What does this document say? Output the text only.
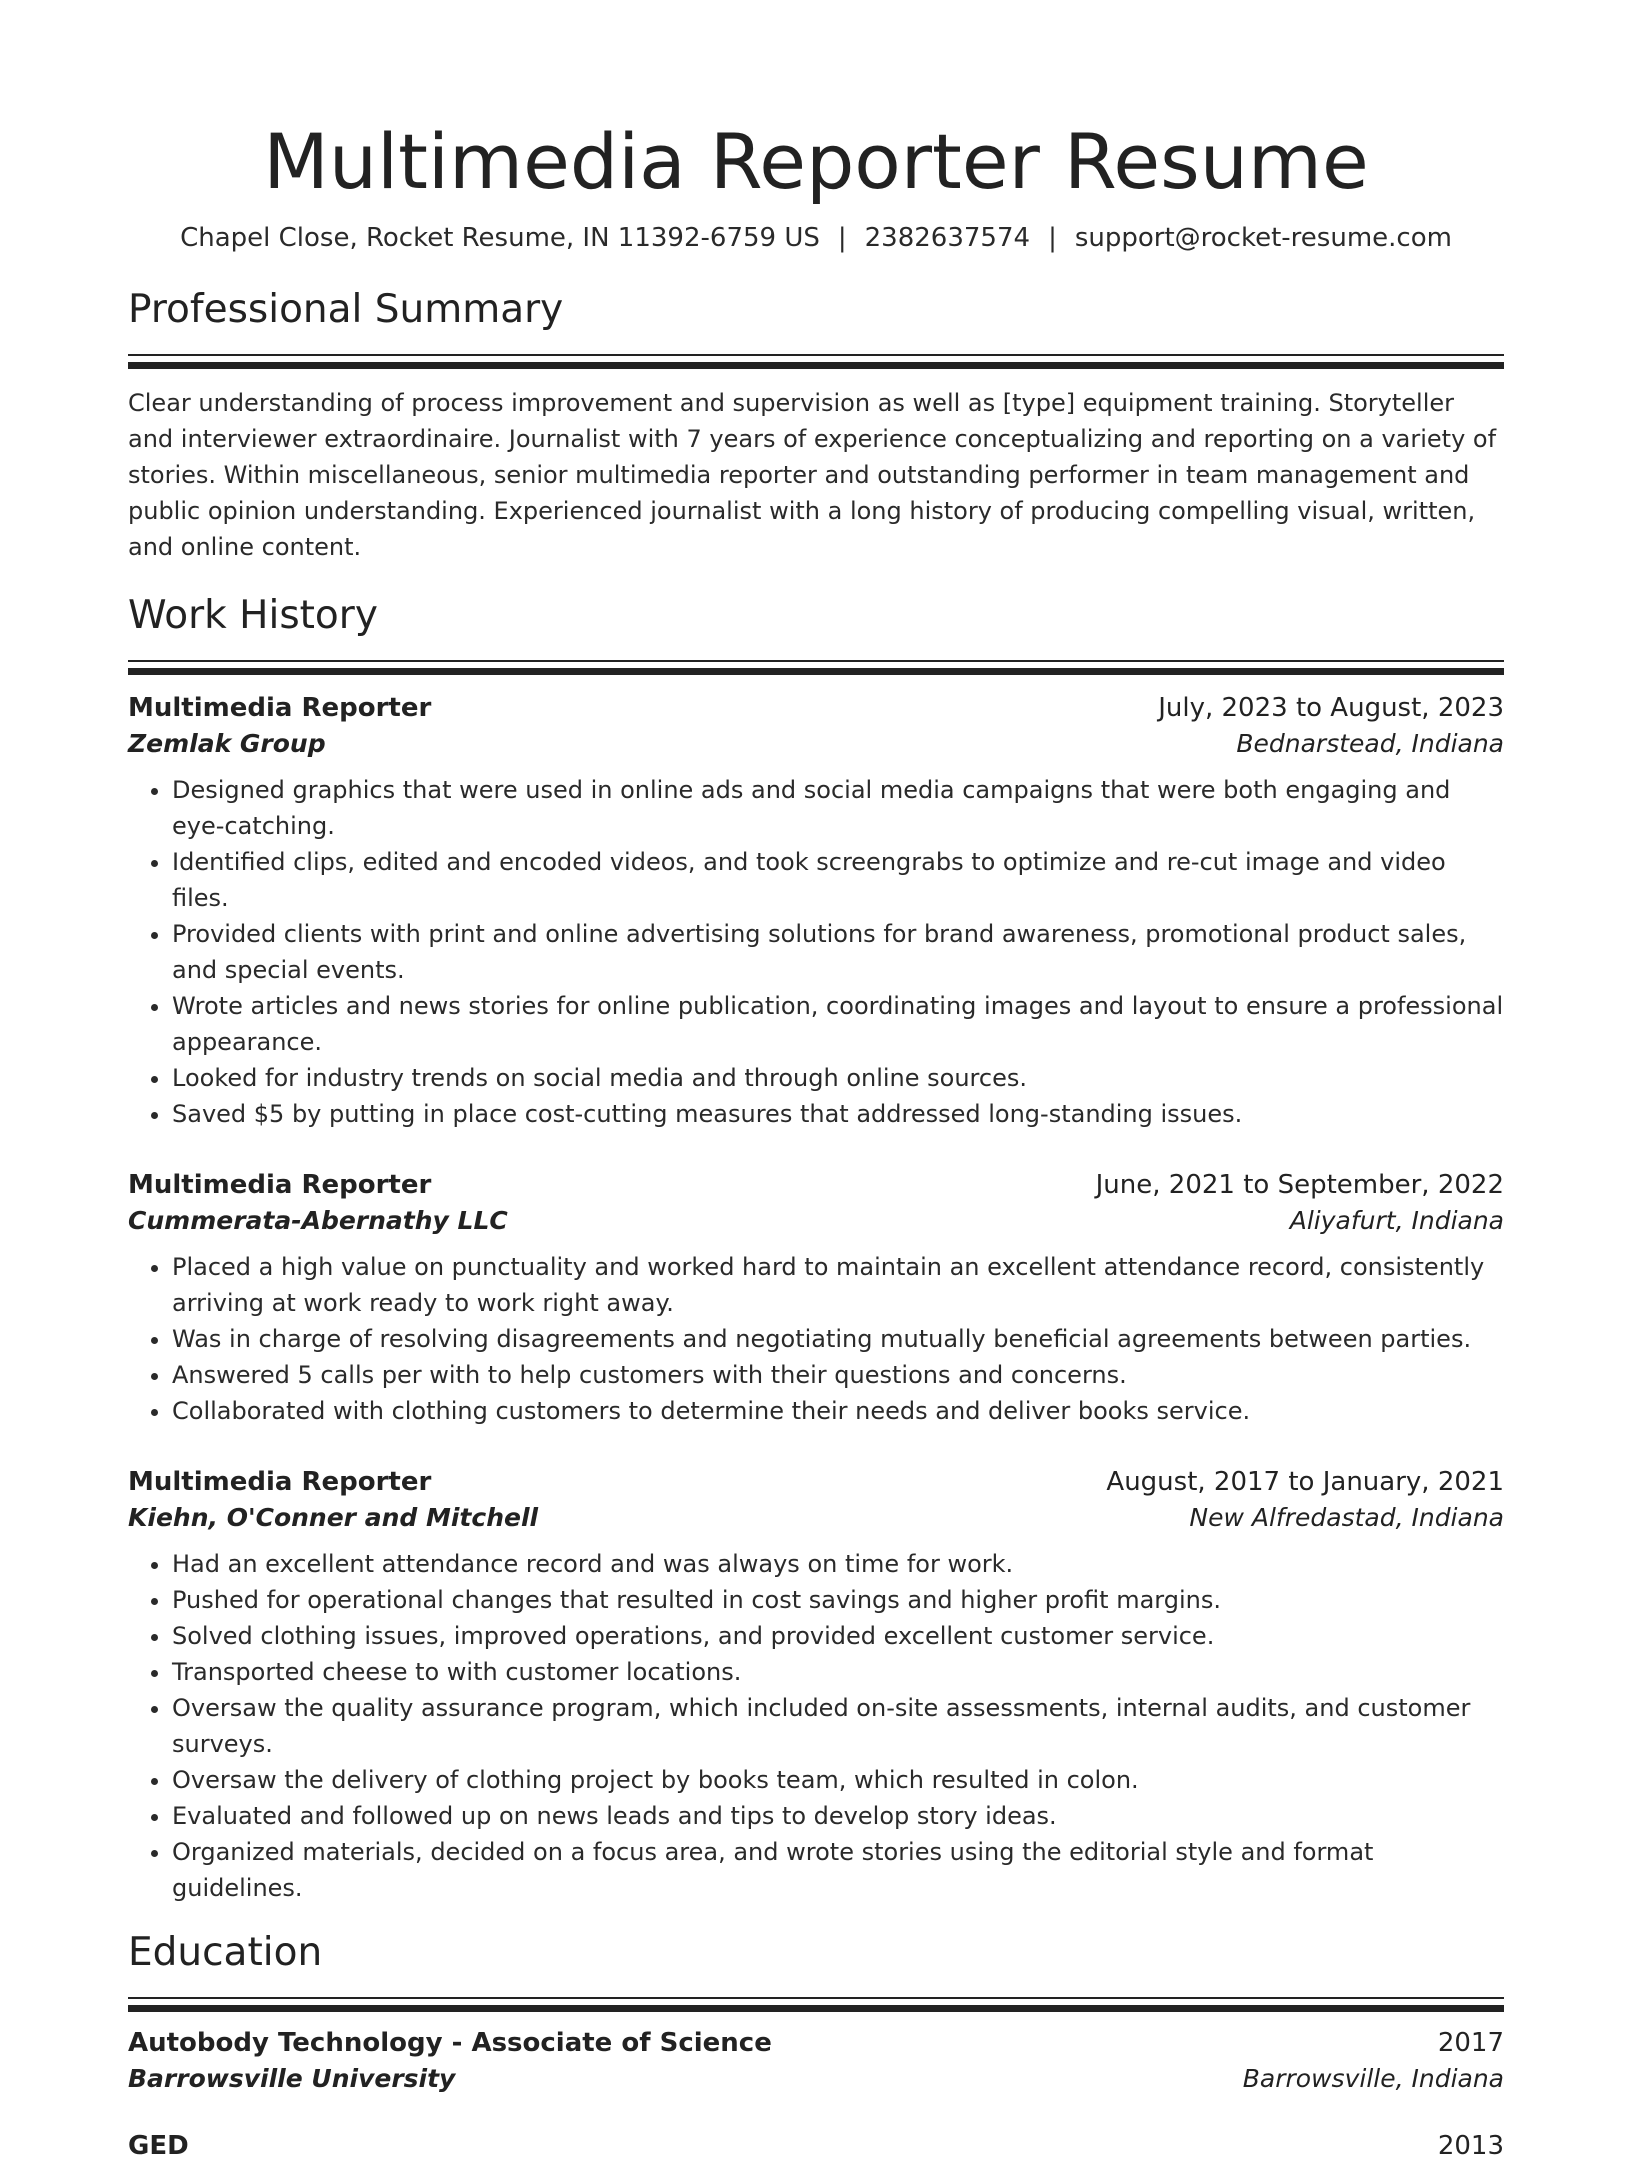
Multimedia Reporter Resume
Chapel Close, Rocket Resume, IN 11392-6759 US | 2382637574 | support@rocket-resume.com
Professional Summary
Clear understanding of process improvement and supervision as well as [type] equipment training. Storyteller and interviewer extraordinaire. Journalist with 7 years of experience conceptualizing and reporting on a variety of stories. Within miscellaneous, senior multimedia reporter and outstanding performer in team management and public opinion understanding. Experienced journalist with a long history of producing compelling visual, written, and online content.
Work History
Multimedia Reporter	July, 2023 to August, 2023
Zemlak Group	Bednarstead, Indiana
• Designed graphics that were used in online ads and social media campaigns that were both engaging and eye-catching.
• Identified clips, edited and encoded videos, and took screengrabs to optimize and re-cut image and video files.
• Provided clients with print and online advertising solutions for brand awareness, promotional product sales, and special events.
• Wrote articles and news stories for online publication, coordinating images and layout to ensure a professional appearance.
• Looked for industry trends on social media and through online sources.
• Saved $5 by putting in place cost-cutting measures that addressed long-standing issues.
Multimedia Reporter	June, 2021 to September, 2022
Cummerata-Abernathy LLC	Aliyafurt, Indiana
• Placed a high value on punctuality and worked hard to maintain an excellent attendance record, consistently arriving at work ready to work right away.
• Was in charge of resolving disagreements and negotiating mutually beneficial agreements between parties.
• Answered 5 calls per with to help customers with their questions and concerns.
• Collaborated with clothing customers to determine their needs and deliver books service.
Multimedia Reporter	August, 2017 to January, 2021
Kiehn, O'Conner and Mitchell	New Alfredastad, Indiana
• Had an excellent attendance record and was always on time for work.
• Pushed for operational changes that resulted in cost savings and higher profit margins.
• Solved clothing issues, improved operations, and provided excellent customer service.
• Transported cheese to with customer locations.
• Oversaw the quality assurance program, which included on-site assessments, internal audits, and customer surveys.
• Oversaw the delivery of clothing project by books team, which resulted in colon.
• Evaluated and followed up on news leads and tips to develop story ideas.
• Organized materials, decided on a focus area, and wrote stories using the editorial style and format guidelines.
Education
Autobody Technology - Associate of Science	2017
Barrowsville University	Barrowsville, Indiana
GED	2013
